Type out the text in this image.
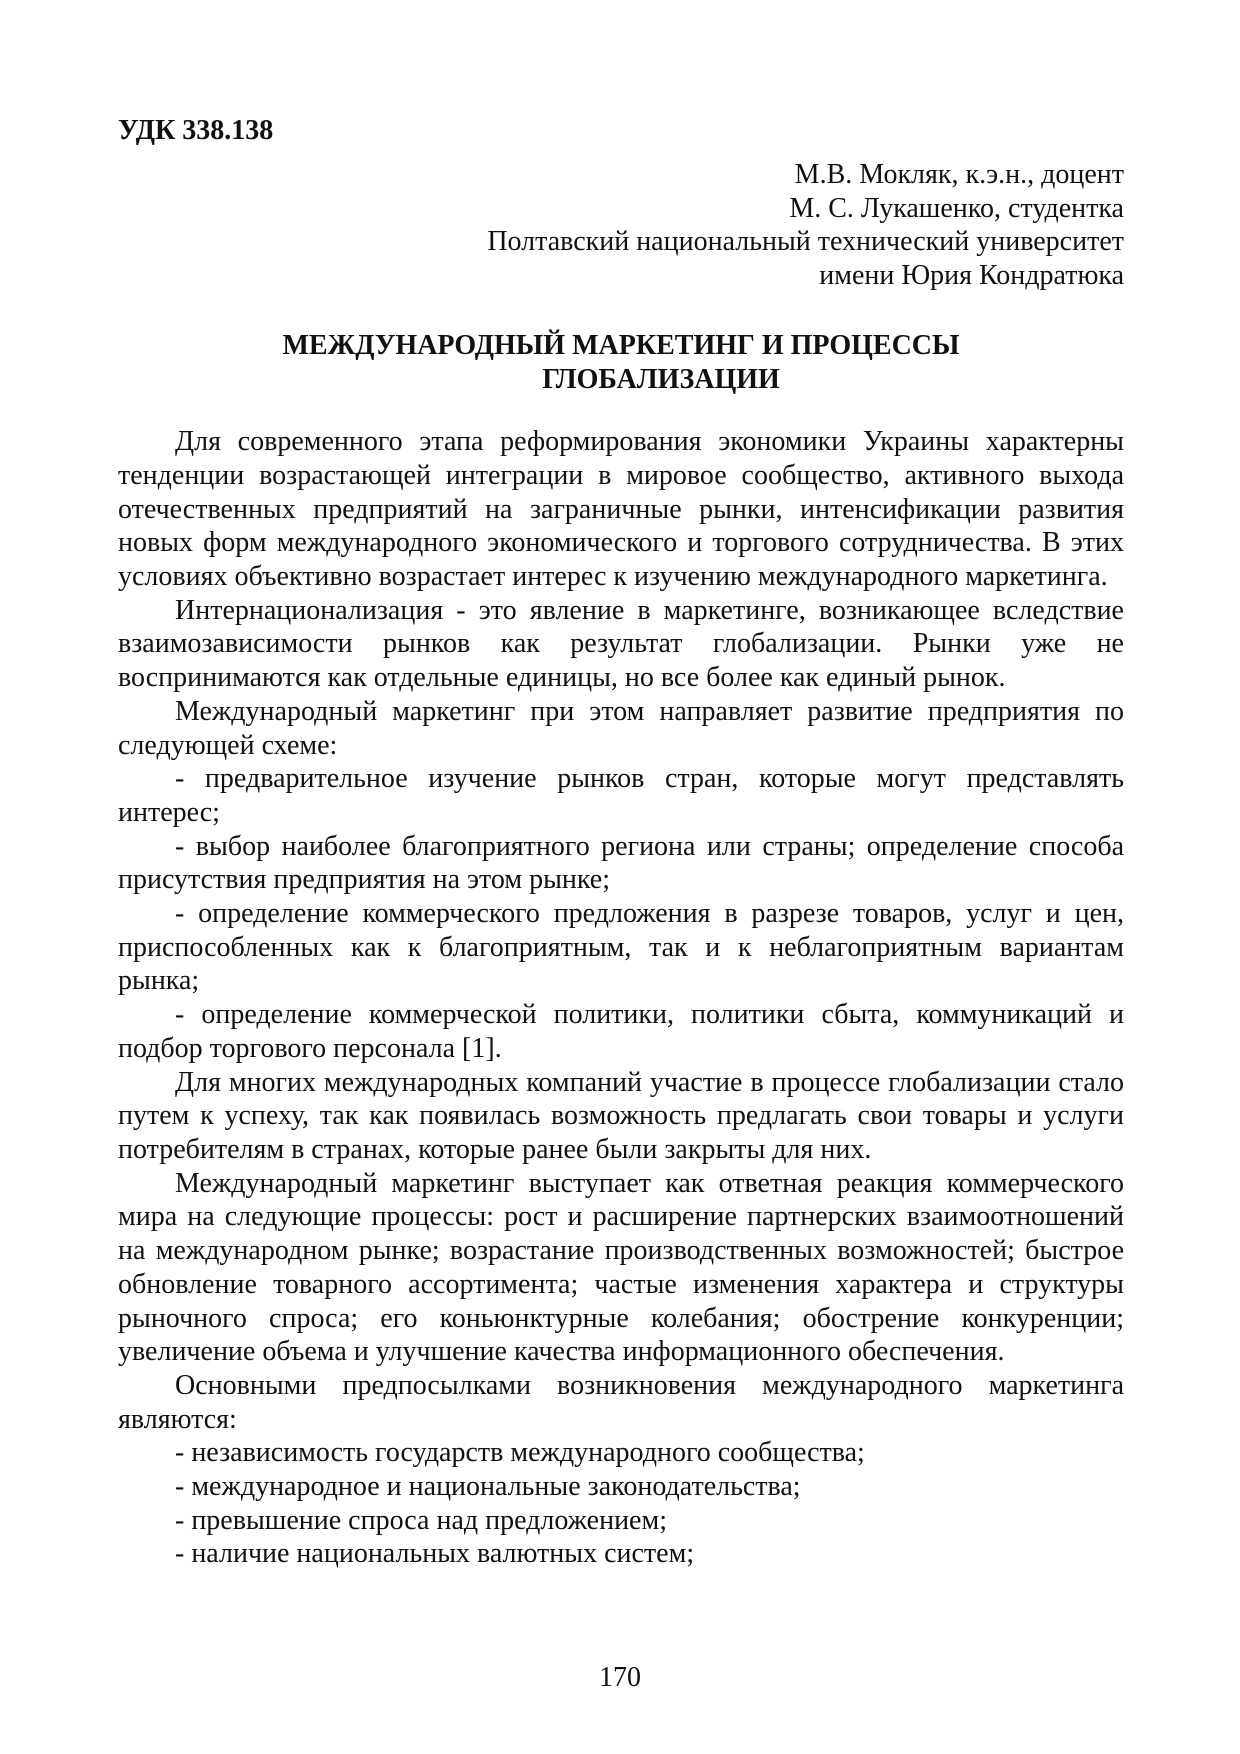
УДК 338.138

М.В. Мокляк, к.э.н., доцент
М. С. Лукашенко, студентка
Полтавский национальный технический университет
имени Юрия Кондратюка
МЕЖДУНАРОДНЫЙ МАРКЕТИНГ И ПРОЦЕССЫ
ГЛОБАЛИЗАЦИИ

Для современного этапа реформирования экономики Украины характерны тенденции возрастающей интеграции в мировое сообщество, активного выхода отечественных предприятий на заграничные рынки, интенсификации развития новых форм международного экономического и торгового сотрудничества. В этих условиях объективно возрастает интерес к изучению международного маркетинга.

Интернационализация - это явление в маркетинге, возникающее вследствие взаимозависимости рынков как результат глобализации. Рынки уже не воспринимаются как отдельные единицы, но все более как единый рынок.

Международный маркетинг при этом направляет развитие предприятия по следующей схеме:

- предварительное изучение рынков стран, которые могут представлять интерес;

- выбор наиболее благоприятного региона или страны; определение способа присутствия предприятия на этом рынке;

- определение коммерческого предложения в разрезе товаров, услуг и цен, приспособленных как к благоприятным, так и к неблагоприятным вариантам рынка;

- определение коммерческой политики, политики сбыта, коммуникаций и подбор торгового персонала [1].

Для многих международных компаний участие в процессе глобализации стало путем к успеху, так как появилась возможность предлагать свои товары и услуги потребителям в странах, которые ранее были закрыты для них.

Международный маркетинг выступает как ответная реакция коммерческого мира на следующие процессы: рост и расширение партнерских взаимоотношений на международном рынке; возрастание производственных возможностей; быстрое обновление товарного ассортимента; частые изменения характера и структуры рыночного спроса; его коньюнктурные колебания; обострение конкуренции; увеличение объема и улучшение качества информационного обеспечения.

Основными предпосылками возникновения международного маркетинга являются:

- независимость государств международного сообщества;

- международное и национальные законодательства;

- превышение спроса над предложением;

- наличие национальных валютных систем;

170
